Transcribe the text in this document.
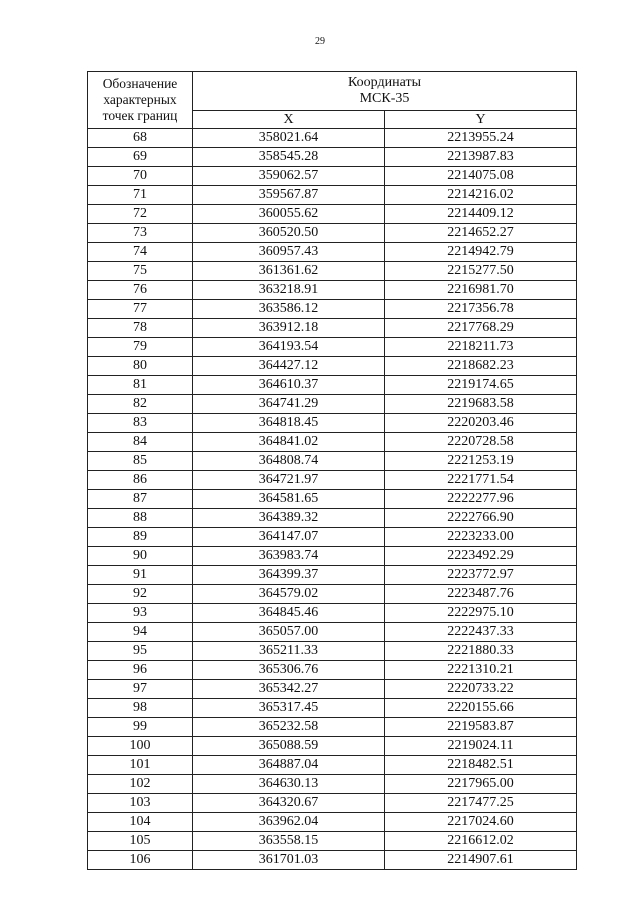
29
Обозначение
характерных
точек границ	Координаты
МСК-35	

	X	Y
68	358021.64	2213955.24
69	358545.28	2213987.83
70	359062.57	2214075.08
71	359567.87	2214216.02
72	360055.62	2214409.12
73	360520.50	2214652.27
74	360957.43	2214942.79
75	361361.62	2215277.50
76	363218.91	2216981.70
77	363586.12	2217356.78
78	363912.18	2217768.29
79	364193.54	2218211.73
80	364427.12	2218682.23
81	364610.37	2219174.65
82	364741.29	2219683.58
83	364818.45	2220203.46
84	364841.02	2220728.58
85	364808.74	2221253.19
86	364721.97	2221771.54
87	364581.65	2222277.96
88	364389.32	2222766.90
89	364147.07	2223233.00
90	363983.74	2223492.29
91	364399.37	2223772.97
92	364579.02	2223487.76
93	364845.46	2222975.10
94	365057.00	2222437.33
95	365211.33	2221880.33
96	365306.76	2221310.21
97	365342.27	2220733.22
98	365317.45	2220155.66
99	365232.58	2219583.87
100	365088.59	2219024.11
101	364887.04	2218482.51
102	364630.13	2217965.00
103	364320.67	2217477.25
104	363962.04	2217024.60
105	363558.15	2216612.02
106	361701.03	2214907.61
